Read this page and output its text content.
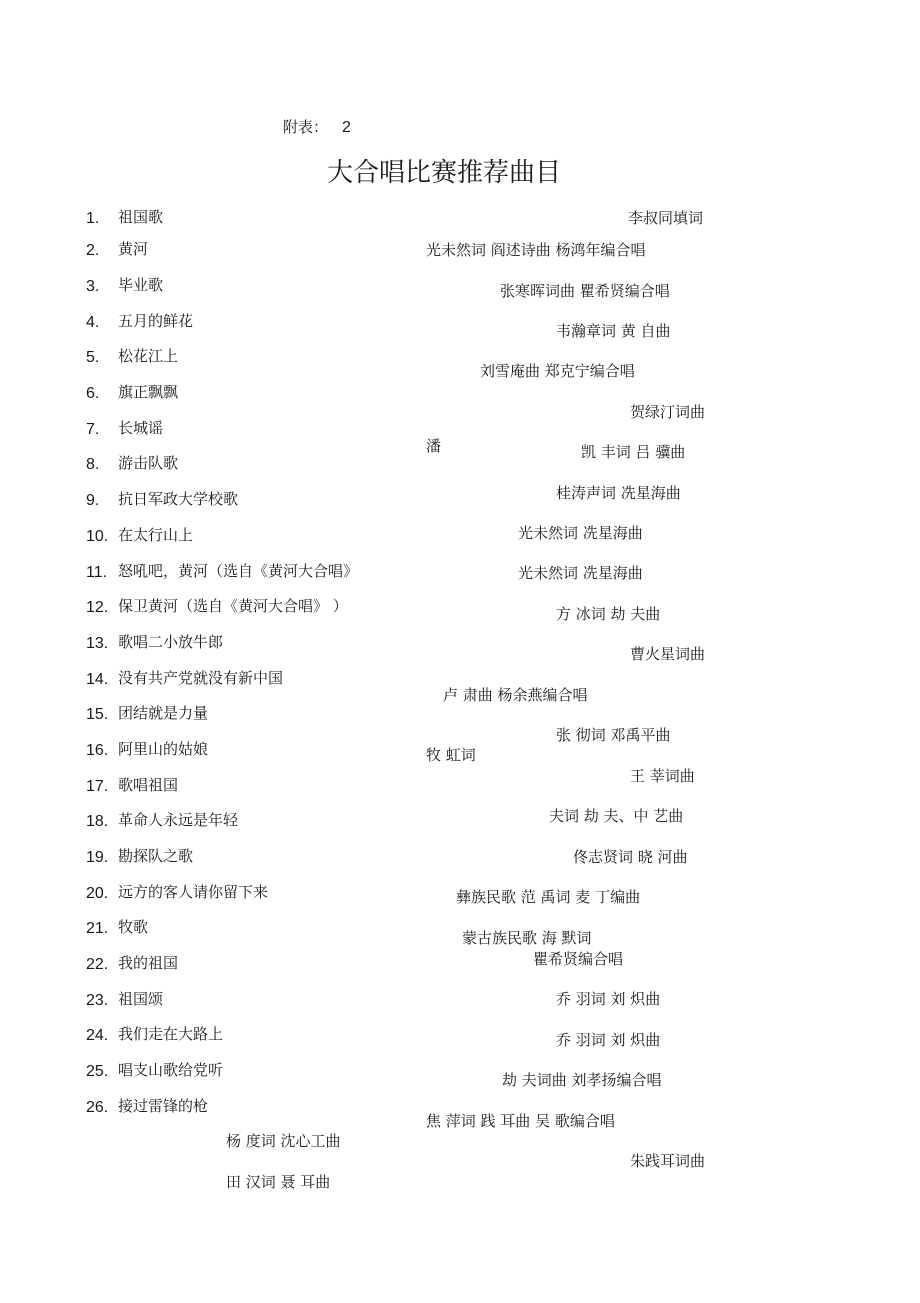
附表： 2
大合唱比赛推荐曲目
1. 祖国歌
2. 黄河
3. 毕业歌
4. 五月的鲜花
5. 松花江上
6. 旗正飘飘
7. 长城谣
8. 游击队歌
9. 抗日军政大学校歌
10. 在太行山上
11. 怒吼吧，黄河（选自《黄河大合唱》
12. 保卫黄河（选自《黄河大合唱》 ）
13. 歌唱二小放牛郎
14. 没有共产党就没有新中国
15. 团结就是力量
16. 阿里山的姑娘
17. 歌唱祖国
18. 革命人永远是年轻
19. 勘探队之歌
20. 远方的客人请你留下来
21. 牧歌
22. 我的祖国
23. 祖国颂
24. 我们走在大路上
25. 唱支山歌给党听
26. 接过雷锋的枪
李叔同填词
光未然词 阎述诗曲 杨鸿年编合唱
张寒晖词曲 瞿希贤编合唱
韦瀚章词 黄 自曲
刘雪庵曲 郑克宁编合唱
贺绿汀词曲
潘	凯 丰词 吕 骥曲
桂涛声词 冼星海曲
光未然词 冼星海曲
光未然词 冼星海曲
方 冰词 劫 夫曲
曹火星词曲
卢 肃曲 杨余燕编合唱
张 彻词 邓禹平曲
牧 虹词
王 莘词曲
夫词 劫 夫、中 艺曲
佟志贤词 晓 河曲
彝族民歌 范 禹词 麦 丁编曲
蒙古族民歌 海 默词
瞿希贤编合唱
乔 羽词 刘 炽曲
乔 羽词 刘 炽曲
劫 夫词曲 刘孝扬编合唱
焦 萍词 践 耳曲 吴 歌编合唱
朱践耳词曲
杨 度词 沈心工曲
田 汉词 聂 耳曲
